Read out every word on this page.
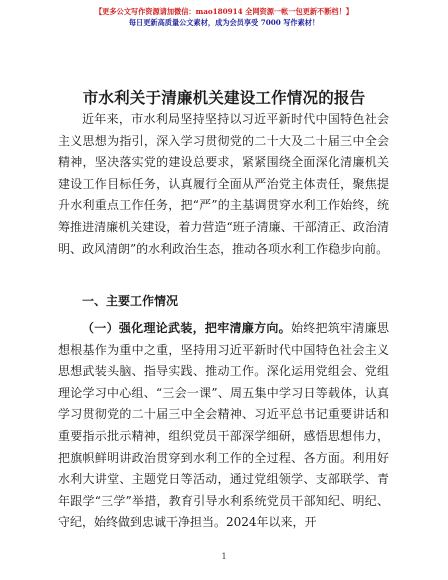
【更多公文写作资源请加微信：mao180914 全网资源一帐一包更新不断档！】
每日更新高质量公文素材，成为会员享受 7000 写作素材！
市水利关于清廉机关建设工作情况的报告

近年来，市水利局坚持坚持以习近平新时代中国特色社会主义思想为指引，深入学习贯彻党的二十大及二十届三中全会精神，坚决落实党的建设总要求，紧紧围绕全面深化清廉机关建设工作目标任务，认真履行全面从严治党主体责任，聚焦提升水利重点工作任务，把“严”的主基调贯穿水利工作始终，统筹推进清廉机关建设，着力营造“班子清廉、干部清正、政治清明、政风清朗”的水利政治生态，推动各项水利工作稳步向前。

一、主要工作情况

（一）强化理论武装，把牢清廉方向。始终把筑牢清廉思想根基作为重中之重，坚持用习近平新时代中国特色社会主义思想武装头脑、指导实践、推动工作。深化运用党组会、党组理论学习中心组、“三会一课”、周五集中学习日等载体，认真学习贯彻党的二十届三中全会精神、习近平总书记重要讲话和重要指示批示精神，组织党员干部深学细研，感悟思想伟力，把旗帜鲜明讲政治贯穿到水利工作的全过程、各方面。利用好水利大讲堂、主题党日等活动，通过党组领学、支部联学、青年跟学“三学”举措，教育引导水利系统党员干部知纪、明纪、守纪，始终做到忠诚干净担当。2024年以来，开

1
